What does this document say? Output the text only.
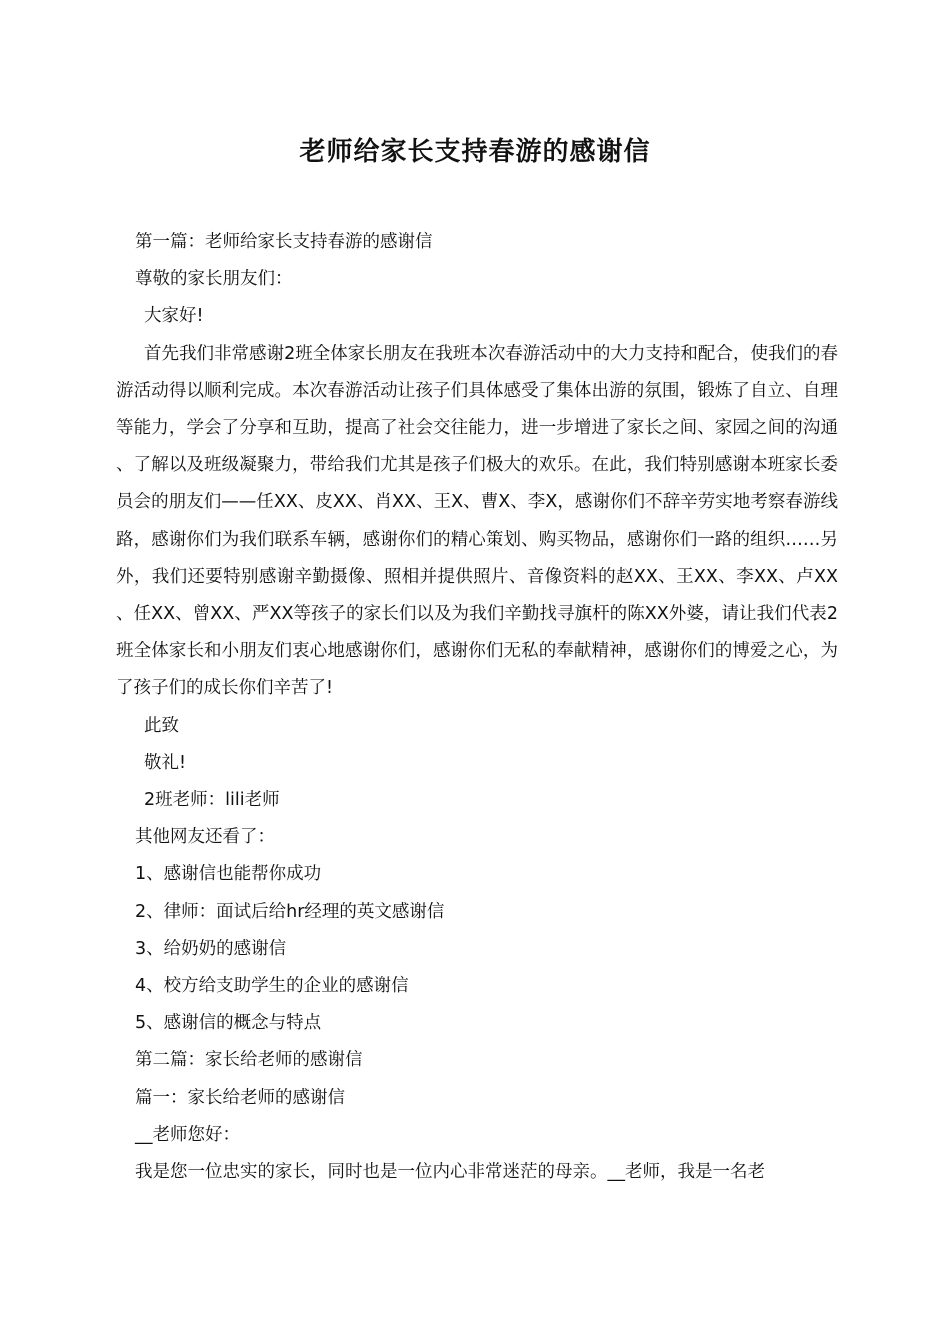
老师给家长支持春游的感谢信

第一篇：老师给家长支持春游的感谢信

尊敬的家长朋友们：

大家好!

首先我们非常感谢2班全体家长朋友在我班本次春游活动中的大力支持和配合，使我们的春游活动得以顺利完成。本次春游活动让孩子们具体感受了集体出游的氛围，锻炼了自立、自理等能力，学会了分享和互助，提高了社会交往能力，进一步增进了家长之间、家园之间的沟通、了解以及班级凝聚力，带给我们尤其是孩子们极大的欢乐。在此，我们特别感谢本班家长委员会的朋友们——任XX、皮XX、肖XX、王X、曹X、李X，感谢你们不辞辛劳实地考察春游线路，感谢你们为我们联系车辆，感谢你们的精心策划、购买物品，感谢你们一路的组织……另外，我们还要特别感谢辛勤摄像、照相并提供照片、音像资料的赵XX、王XX、李XX、卢XX、任XX、曾XX、严XX等孩子的家长们以及为我们辛勤找寻旗杆的陈XX外婆，请让我们代表2班全体家长和小朋友们衷心地感谢你们，感谢你们无私的奉献精神，感谢你们的博爱之心，为了孩子们的成长你们辛苦了!

此致

敬礼!

2班老师：lili老师

其他网友还看了：

1、感谢信也能帮你成功

2、律师：面试后给hr经理的英文感谢信

3、给奶奶的感谢信

4、校方给支助学生的企业的感谢信

5、感谢信的概念与特点

第二篇：家长给老师的感谢信

篇一：家长给老师的感谢信

__老师您好：

我是您一位忠实的家长，同时也是一位内心非常迷茫的母亲。__老师，我是一名老
